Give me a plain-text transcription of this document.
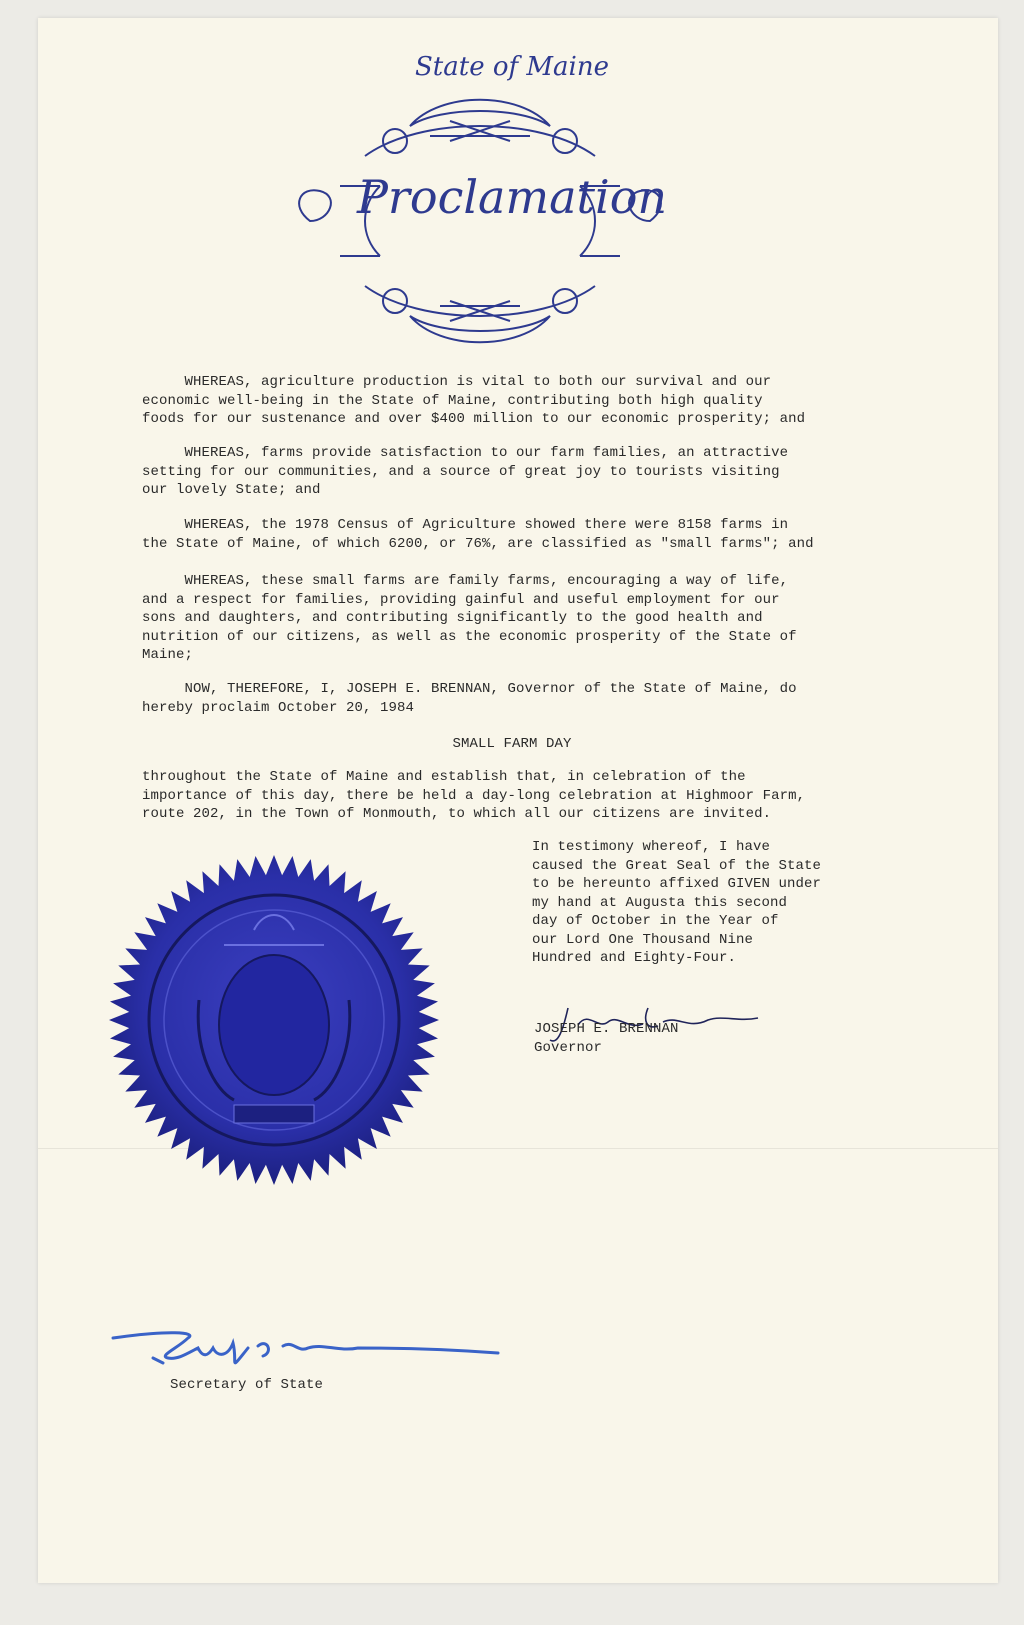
State of Maine
Proclamation
WHEREAS, agriculture production is vital to both our survival and our
economic well-being in the State of Maine, contributing both high quality
foods for our sustenance and over $400 million to our economic prosperity; and
WHEREAS, farms provide satisfaction to our farm families, an attractive
setting for our communities, and a source of great joy to tourists visiting
our lovely State; and
WHEREAS, the 1978 Census of Agriculture showed there were 8158 farms in
the State of Maine, of which 6200, or 76%, are classified as "small farms"; and
WHEREAS, these small farms are family farms, encouraging a way of life,
and a respect for families, providing gainful and useful employment for our
sons and daughters, and contributing significantly to the good health and
nutrition of our citizens, as well as the economic prosperity of the State of
Maine;
NOW, THEREFORE, I, JOSEPH E. BRENNAN, Governor of the State of Maine, do
hereby proclaim October 20, 1984
SMALL FARM DAY
throughout the State of Maine and establish that, in celebration of the
importance of this day, there be held a day-long celebration at Highmoor Farm,
route 202, in the Town of Monmouth, to which all our citizens are invited.
In testimony whereof, I have
caused the Great Seal of the State
to be hereunto affixed GIVEN under
my hand at Augusta this second
day of October in the Year of
our Lord One Thousand Nine
Hundred and Eighty-Four.
JOSEPH E. BRENNAN
Governor
Secretary of State
